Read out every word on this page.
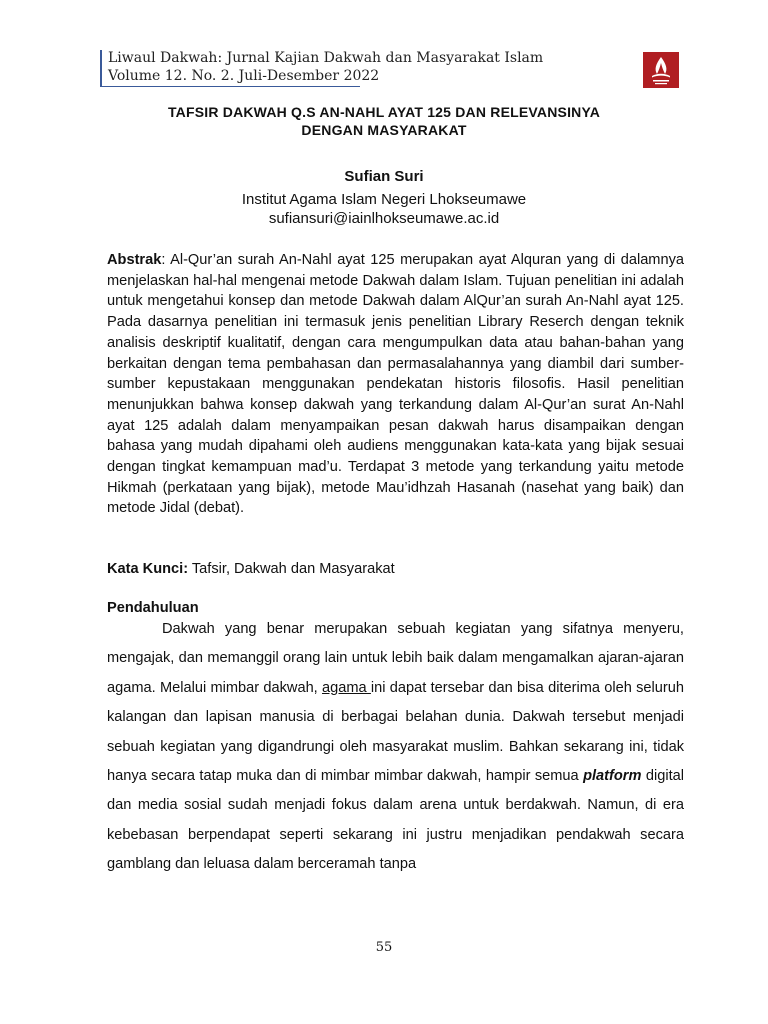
Liwaul Dakwah: Jurnal Kajian Dakwah dan Masyarakat Islam
Volume 12. No. 2. Juli-Desember 2022
TAFSIR DAKWAH Q.S AN-NAHL AYAT 125 DAN RELEVANSINYA
DENGAN MASYARAKAT
Sufian Suri
Institut Agama Islam Negeri Lhokseumawe
sufiansuri@iainlhokseumawe.ac.id
Abstrak: Al-Qur’an surah An-Nahl ayat 125 merupakan ayat Alquran yang di dalamnya menjelaskan hal-hal mengenai metode Dakwah dalam Islam. Tujuan penelitian ini adalah untuk mengetahui konsep dan metode Dakwah dalam AlQur’an surah An-Nahl ayat 125. Pada dasarnya penelitian ini termasuk jenis penelitian Library Reserch dengan teknik analisis deskriptif kualitatif, dengan cara mengumpulkan data atau bahan-bahan yang berkaitan dengan tema pembahasan dan permasalahannya yang diambil dari sumber-sumber kepustakaan menggunakan pendekatan historis filosofis. Hasil penelitian menunjukkan bahwa konsep dakwah yang terkandung dalam Al-Qur’an surat An-Nahl ayat 125 adalah dalam menyampaikan pesan dakwah harus disampaikan dengan bahasa yang mudah dipahami oleh audiens menggunakan kata-kata yang bijak sesuai dengan tingkat kemampuan mad’u. Terdapat 3 metode yang terkandung yaitu metode Hikmah (perkataan yang bijak), metode Mau’idhzah Hasanah (nasehat yang baik) dan metode Jidal (debat).
Kata Kunci: Tafsir, Dakwah dan Masyarakat
Pendahuluan

Dakwah yang benar merupakan sebuah kegiatan yang sifatnya menyeru, mengajak, dan memanggil orang lain untuk lebih baik dalam mengamalkan ajaran-ajaran agama. Melalui mimbar dakwah, agama ini dapat tersebar dan bisa diterima oleh seluruh kalangan dan lapisan manusia di berbagai belahan dunia. Dakwah tersebut menjadi sebuah kegiatan yang digandrungi oleh masyarakat muslim. Bahkan sekarang ini, tidak hanya secara tatap muka dan di mimbar mimbar dakwah, hampir semua platform digital dan media sosial sudah menjadi fokus dalam arena untuk berdakwah. Namun, di era kebebasan berpendapat seperti sekarang ini justru menjadikan pendakwah secara gamblang dan leluasa dalam berceramah tanpa

55
